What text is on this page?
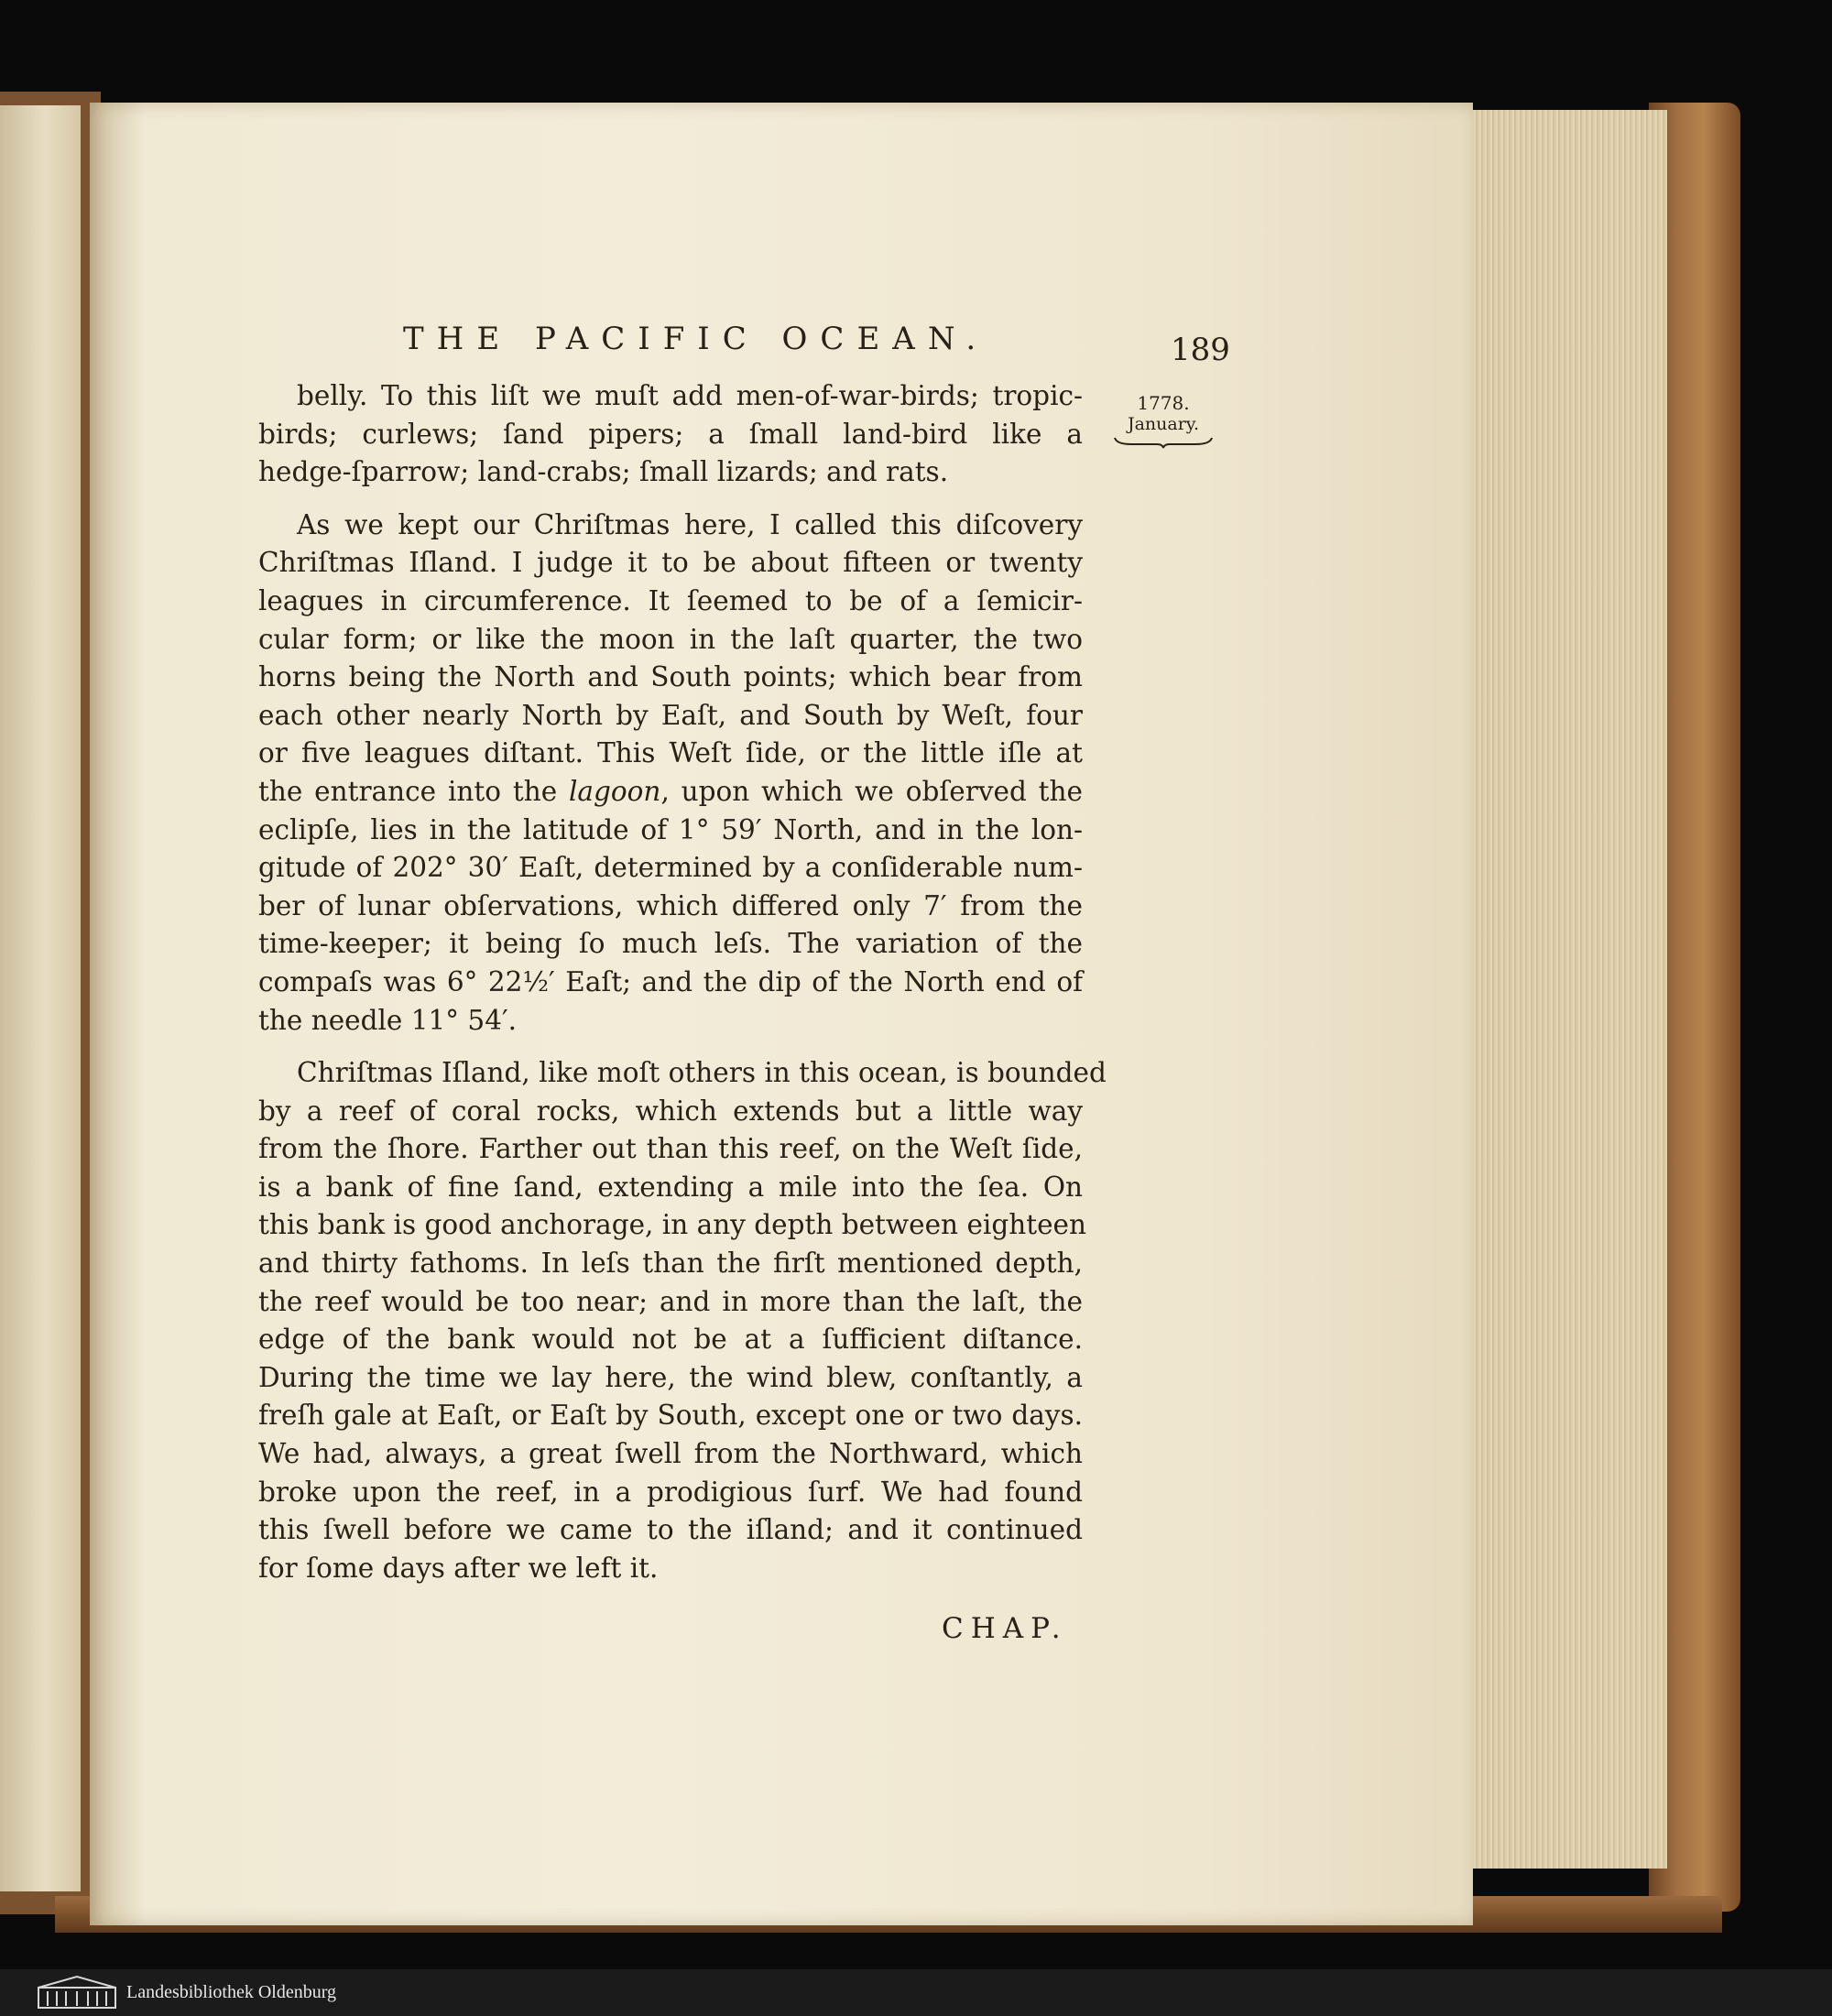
THE PACIFIC OCEAN.	189
1778.
January.
belly. To this liſt we muſt add men-of-war-birds; tropic-
birds; curlews; ſand pipers; a ſmall land-bird like a
hedge-ſparrow; land-crabs; ſmall lizards; and rats.
As we kept our Chriſtmas here, I called this diſcovery
Chriſtmas Iſland. I judge it to be about fifteen or twenty
leagues in circumference. It ſeemed to be of a ſemicir-
cular form; or like the moon in the laſt quarter, the two
horns being the North and South points; which bear from
each other nearly North by Eaſt, and South by Weſt, four
or five leagues diſtant. This Weſt ſide, or the little iſle at
the entrance into the lagoon, upon which we obſerved the
eclipſe, lies in the latitude of 1° 59′ North, and in the lon-
gitude of 202° 30′ Eaſt, determined by a conſiderable num-
ber of lunar obſervations, which differed only 7′ from the
time-keeper; it being ſo much leſs. The variation of the
compaſs was 6° 22½′ Eaſt; and the dip of the North end of
the needle 11° 54′.
Chriſtmas Iſland, like moſt others in this ocean, is bounded
by a reef of coral rocks, which extends but a little way
from the ſhore. Farther out than this reef, on the Weſt ſide,
is a bank of fine ſand, extending a mile into the ſea. On
this bank is good anchorage, in any depth between eighteen
and thirty fathoms. In leſs than the firſt mentioned depth,
the reef would be too near; and in more than the laſt, the
edge of the bank would not be at a ſufficient diſtance.
During the time we lay here, the wind blew, conſtantly, a
freſh gale at Eaſt, or Eaſt by South, except one or two days.
We had, always, a great ſwell from the Northward, which
broke upon the reef, in a prodigious ſurf. We had found
this ſwell before we came to the iſland; and it continued
for ſome days after we left it.
CHAP.
Landesbibliothek Oldenburg
